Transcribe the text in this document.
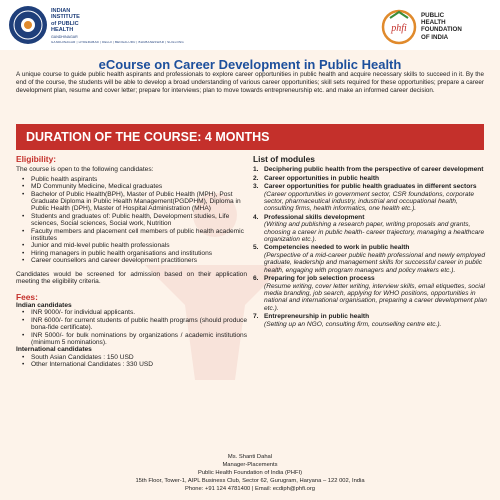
INDIAN
INSTITUTE
of PUBLIC
HEALTH
GANDHINAGAR
GANDHINAGAR | HYDERABAD | DELHI | BENGALURU | BHUBANESWAR | SHILLONG
phfi
PUBLIC
HEALTH
FOUNDATION
OF INDIA
eCourse on Career Development in Public Health
A unique course to guide public health aspirants and professionals to explore career opportunities in public health and acquire necessary skills to succeed in it. By the end of the course, the students will be able to develop a broad understanding of various career opportunities; skill sets required for these opportunities; prepare a career development plan, resume and cover letter; prepare for interviews; plan to move towards entrepreneurship etc. and make an informed career decision.
DURATION OF THE COURSE: 4 MONTHS
Eligibility:
The course is open to the following candidates:
• Public health aspirants
• MD Community Medicine, Medical graduates
• Bachelor of Public Health(BPH), Master of Public Health (MPH), Post Graduate Diploma in Public Health Management(PGDPHM), Diploma in Public Health (DPH), Master of Hospital Administration (MHA)
• Students and graduates of: Public health, Development studies, Life sciences, Social sciences, Social work, Nutrition
• Faculty members and placement cell members of public health academic institutes
• Junior and mid-level public health professionals
• Hiring managers in public health organisations and institutions
• Career counsellors and career development practitioners
Candidates would be screened for admission based on their application meeting the eligibility criteria.
Fees:
Indian candidates
• INR 9000/- for individual applicants.
• INR 6000/- for current students of public health programs (should produce bona-fide certificate).
• INR 5000/- for bulk nominations by organizations / academic institutions (minimum 5 nominations).
International candidates
• South Asian Candidates : 150 USD
• Other International Candidates : 330 USD
List of modules
1. Deciphering public health from the perspective of career development
2. Career opportunities in public health
3. Career opportunities for public health graduates in different sectors
(Career opportunities in government sector, CSR foundations, corporate sector, pharmaceutical industry, industrial and occupational health, consulting firms, health informatics, one health etc.).
4. Professional skills development
(Writing and publishing a research paper, writing proposals and grants, choosing a career in public health- career trajectory, managing a healthcare organization etc.).
5. Competencies needed to work in public health
(Perspective of a mid-career public health professional and newly employed graduate, leadership and management skills for successful career in public health, engaging with program managers and policy makers etc.).
6. Preparing for job selection process
(Resume writing, cover letter writing, interview skills, email etiquettes, social media branding, job search, applying for WHO positions, opportunities in national and international organisation, preparing a career development plan etc.).
7. Entrepreneurship in public health
(Setting up an NGO, consulting firm, counselling centre etc.).
Ms. Shanti Dahal
Manager-Placements
Public Health Foundation of India (PHFI)
15th Floor, Tower-1, AIPL Business Club, Sector 62, Gurugram, Haryana – 122 002, India
Phone: +91 124 4781400 | Email: ecdiph@phfi.org
